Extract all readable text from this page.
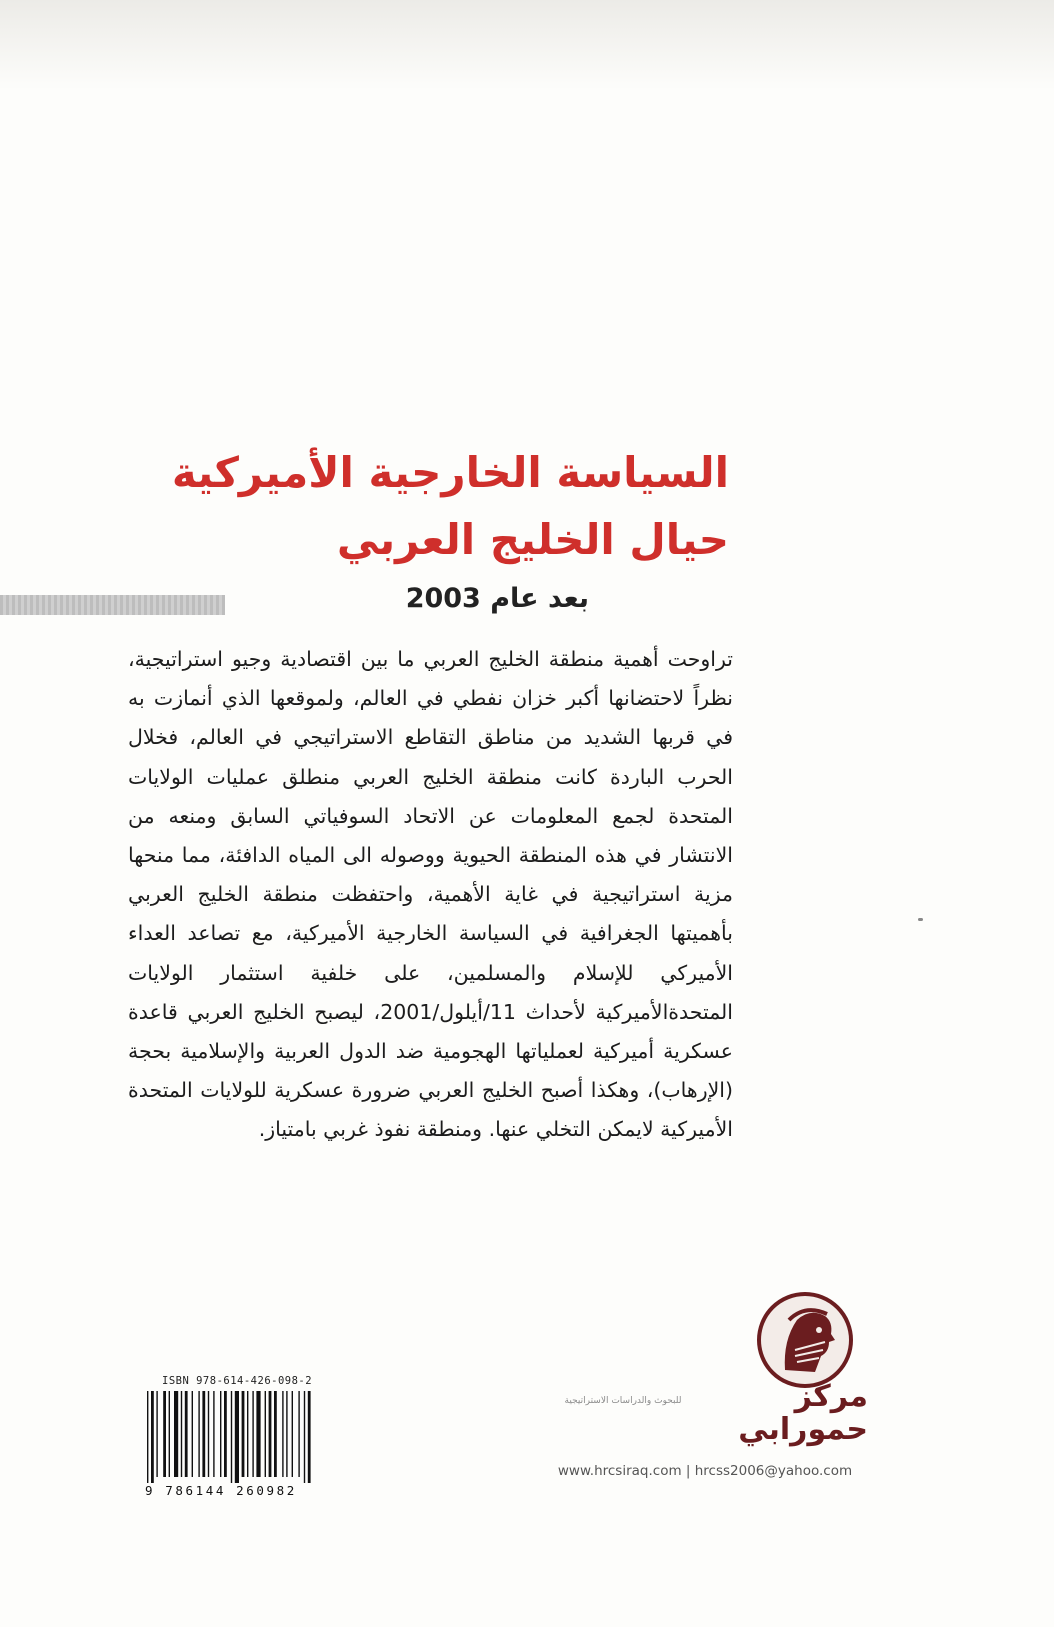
السياسة الخارجية الأميركية
حيال الخليج العربي
بعد عام 2003

تراوحت أهمية منطقة الخليج العربي ما بين اقتصادية وجيو استراتيجية، نظراً لاحتضانها أكبر خزان نفطي في العالم، ولموقعها الذي أنمازت به في قربها الشديد من مناطق التقاطع الاستراتيجي في العالم، فخلال الحرب الباردة كانت منطقة الخليج العربي منطلق عمليات الولايات المتحدة لجمع المعلومات عن الاتحاد السوفياتي السابق ومنعه من الانتشار في هذه المنطقة الحيوية ووصوله الى المياه الدافئة، مما منحها مزية استراتيجية في غاية الأهمية، واحتفظت منطقة الخليج العربي بأهميتها الجغرافية في السياسة الخارجية الأميركية، مع تصاعد العداء الأميركي للإسلام والمسلمين، على خلفية استثمار الولايات المتحدةالأميركية لأحداث 11/أيلول/2001، ليصبح الخليج العربي قاعدة عسكرية أميركية لعملياتها الهجومية ضد الدول العربية والإسلامية بحجة (الإرهاب)، وهكذا أصبح الخليج العربي ضرورة عسكرية للولايات المتحدة الأميركية لايمكن التخلي عنها. ومنطقة نفوذ غربي بامتياز.

مركز حمورابي

للبحوث والدراسات الاستراتيجية

www.hrcsiraq.com | hrcss2006@yahoo.com

ISBN 978-614-426-098-2

9 786144 260982
